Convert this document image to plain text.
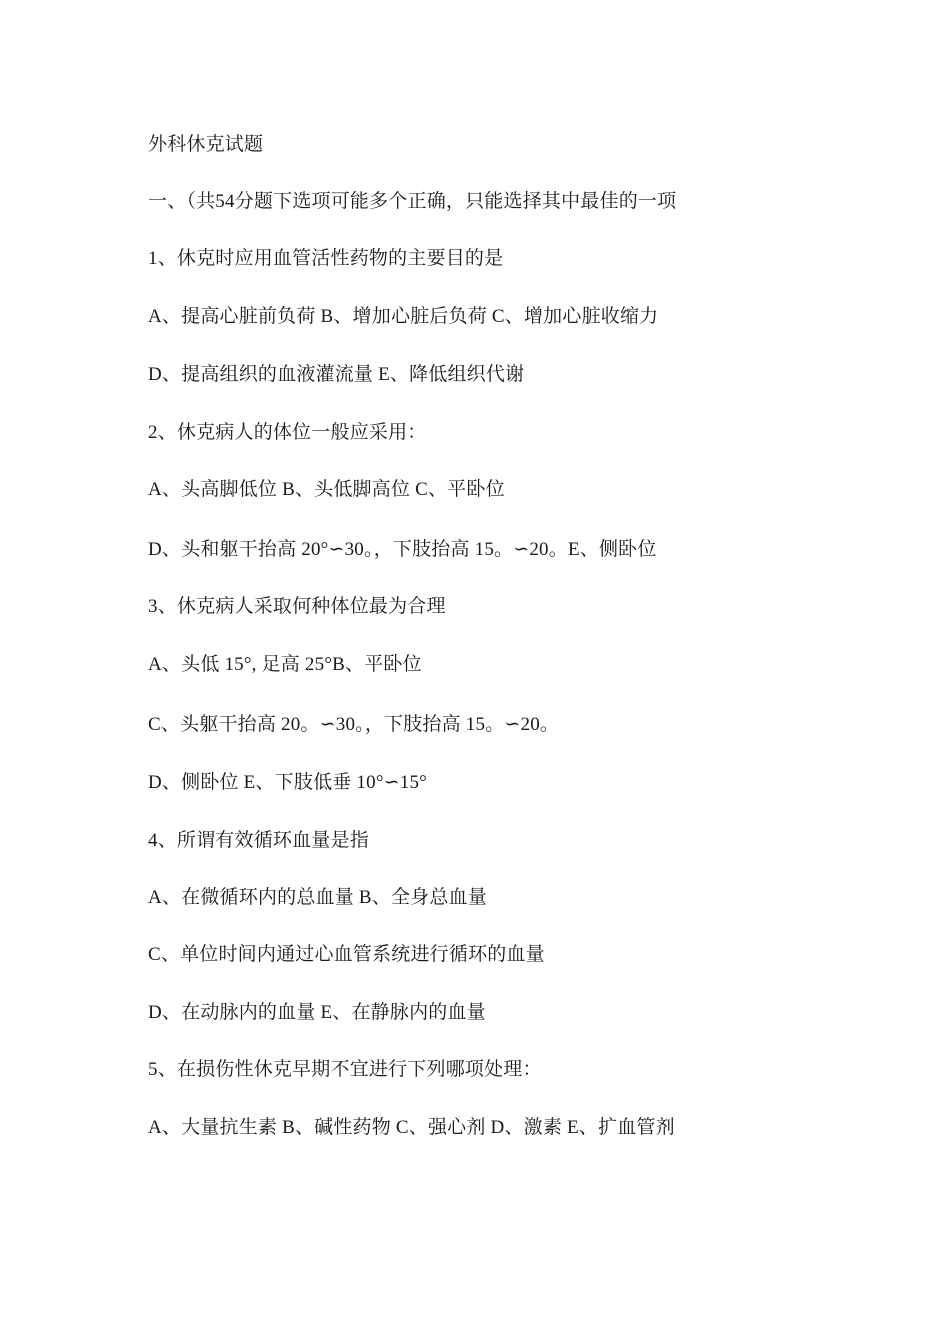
外科休克试题
一、（共54分题下选项可能多个正确，只能选择其中最佳的一项
1、休克时应用血管活性药物的主要目的是
A、提高心脏前负荷 B、增加心脏后负荷 C、增加心脏收缩力
D、提高组织的血液灌流量 E、降低组织代谢
2、休克病人的体位一般应采用：
A、头高脚低位 B、头低脚高位 C、平卧位
D、头和躯干抬高 20°∽30。，下肢抬高 15。∽20。E、侧卧位
3、休克病人采取何种体位最为合理
A、头低 15°, 足高 25°B、平卧位
C、头躯干抬高 20。∽30。，下肢抬高 15。∽20。
D、侧卧位 E、下肢低垂 10°∽15°
4、所谓有效循环血量是指
A、在微循环内的总血量 B、全身总血量
C、单位时间内通过心血管系统进行循环的血量
D、在动脉内的血量 E、在静脉内的血量
5、在损伤性休克早期不宜进行下列哪项处理：
A、大量抗生素 B、碱性药物 C、强心剂 D、激素 E、扩血管剂
